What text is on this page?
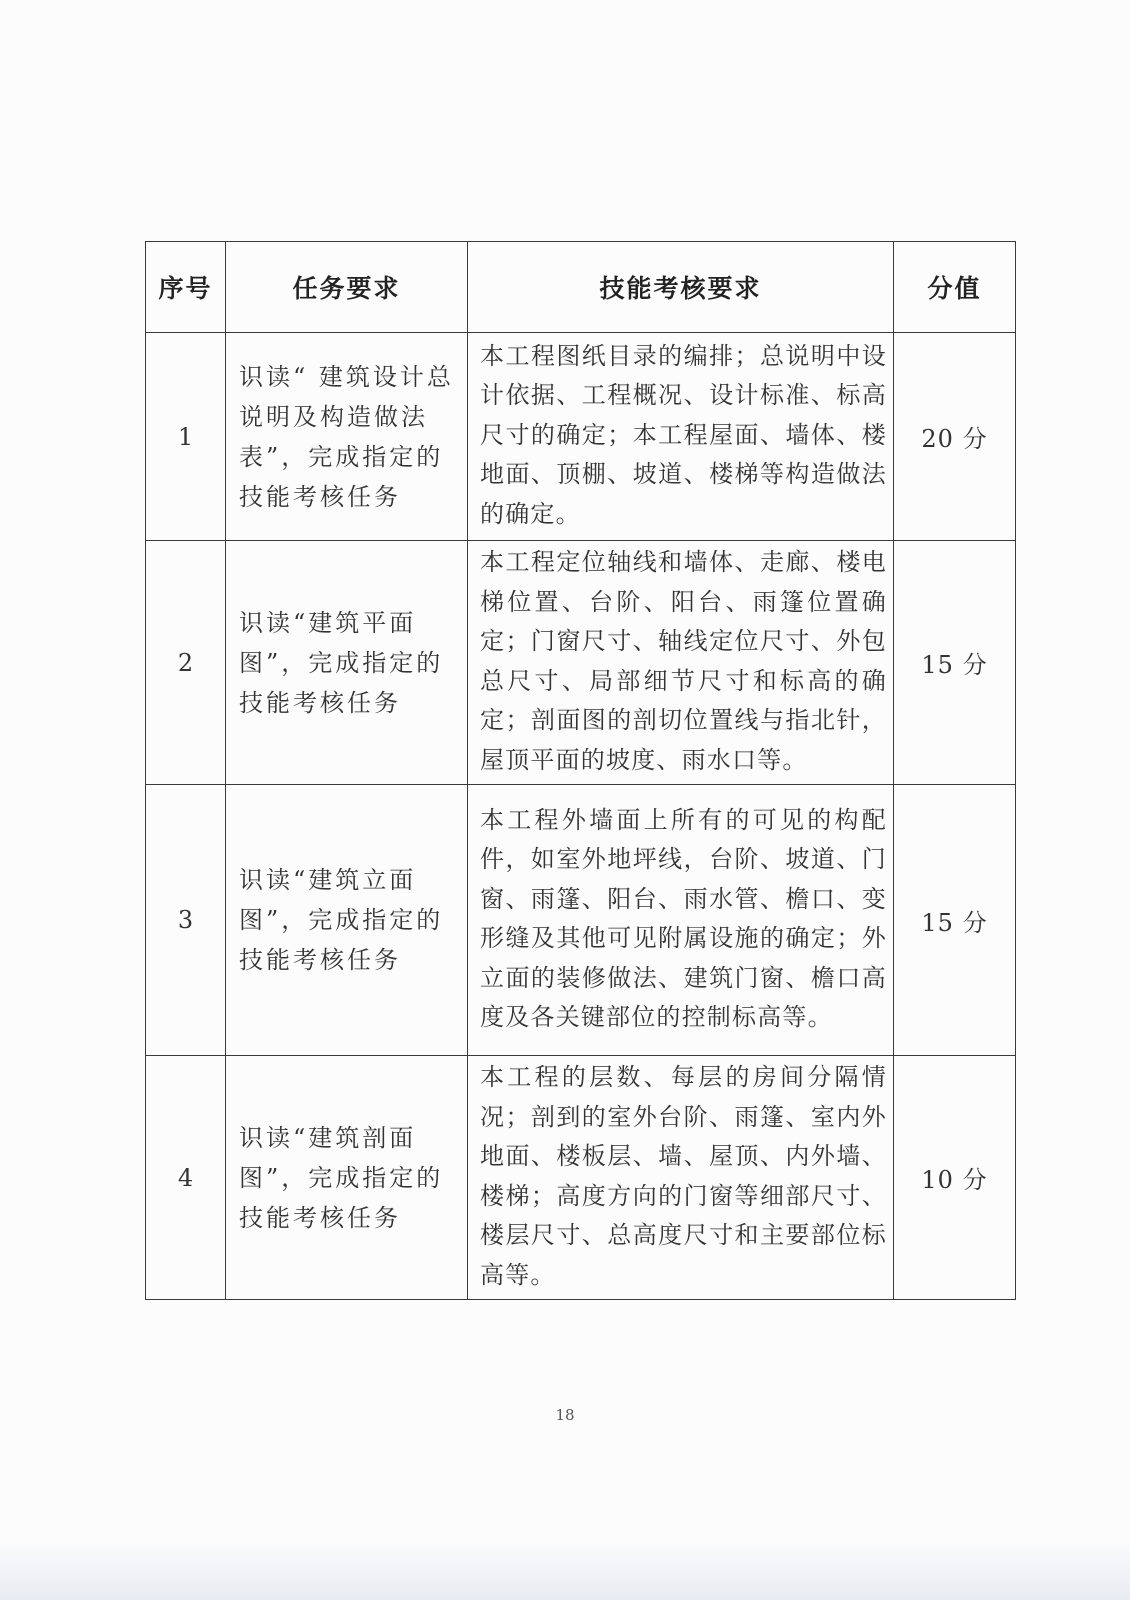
序号	任务要求	技能考核要求	分值
1	识读“ 建筑设计总说明及构造做法表”，完成指定的技能考核任务	本工程图纸目录的编排；总说明中设计依据、工程概况、设计标准、标高尺寸的确定；本工程屋面、墙体、楼地面、顶棚、坡道、楼梯等构造做法的确定。	20 分
2	识读“建筑平面图”，完成指定的技能考核任务	本工程定位轴线和墙体、走廊、楼电梯位置、台阶、阳台、雨篷位置确定；门窗尺寸、轴线定位尺寸、外包总尺寸、局部细节尺寸和标高的确定；剖面图的剖切位置线与指北针，屋顶平面的坡度、雨水口等。	15 分
3	识读“建筑立面图”，完成指定的技能考核任务	本工程外墙面上所有的可见的构配件，如室外地坪线，台阶、坡道、门窗、雨篷、阳台、雨水管、檐口、变形缝及其他可见附属设施的确定；外立面的装修做法、建筑门窗、檐口高度及各关键部位的控制标高等。	15 分
4	识读“建筑剖面图”，完成指定的技能考核任务	本工程的层数、每层的房间分隔情况；剖到的室外台阶、雨篷、室内外地面、楼板层、墙、屋顶、内外墙、楼梯；高度方向的门窗等细部尺寸、楼层尺寸、总高度尺寸和主要部位标高等。	10 分
18
